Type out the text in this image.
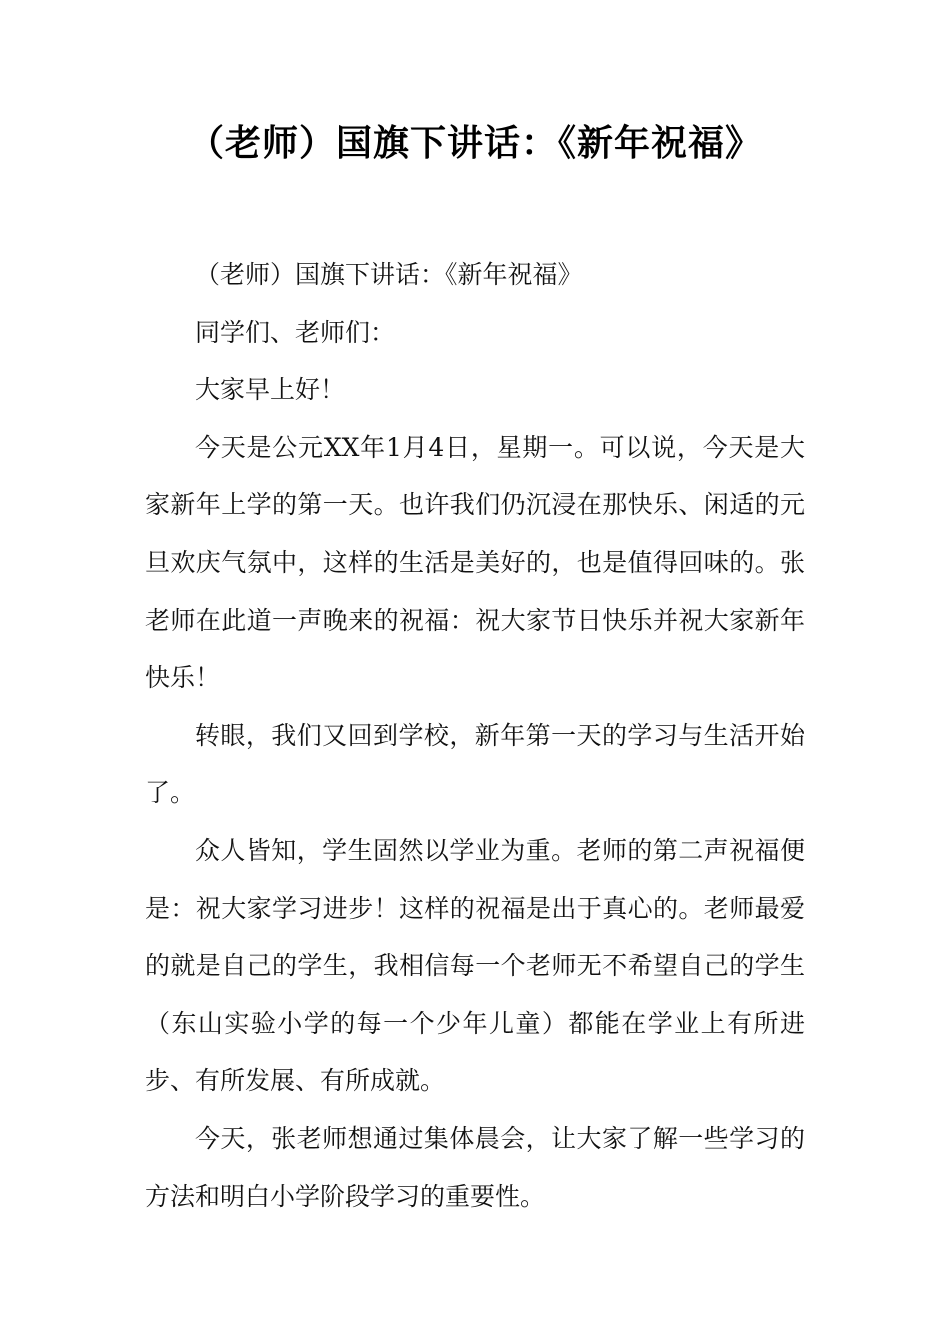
（老师）国旗下讲话：《新年祝福》

（老师）国旗下讲话：《新年祝福》

同学们、老师们：

大家早上好！

今天是公元XX年1月4日，星期一。可以说，今天是大家新年上学的第一天。也许我们仍沉浸在那快乐、闲适的元旦欢庆气氛中，这样的生活是美好的，也是值得回味的。张老师在此道一声晚来的祝福：祝大家节日快乐并祝大家新年快乐！

转眼，我们又回到学校，新年第一天的学习与生活开始了。

众人皆知，学生固然以学业为重。老师的第二声祝福便是：祝大家学习进步！这样的祝福是出于真心的。老师最爱的就是自己的学生，我相信每一个老师无不希望自己的学生（东山实验小学的每一个少年儿童）都能在学业上有所进步、有所发展、有所成就。

今天，张老师想通过集体晨会，让大家了解一些学习的方法和明白小学阶段学习的重要性。
